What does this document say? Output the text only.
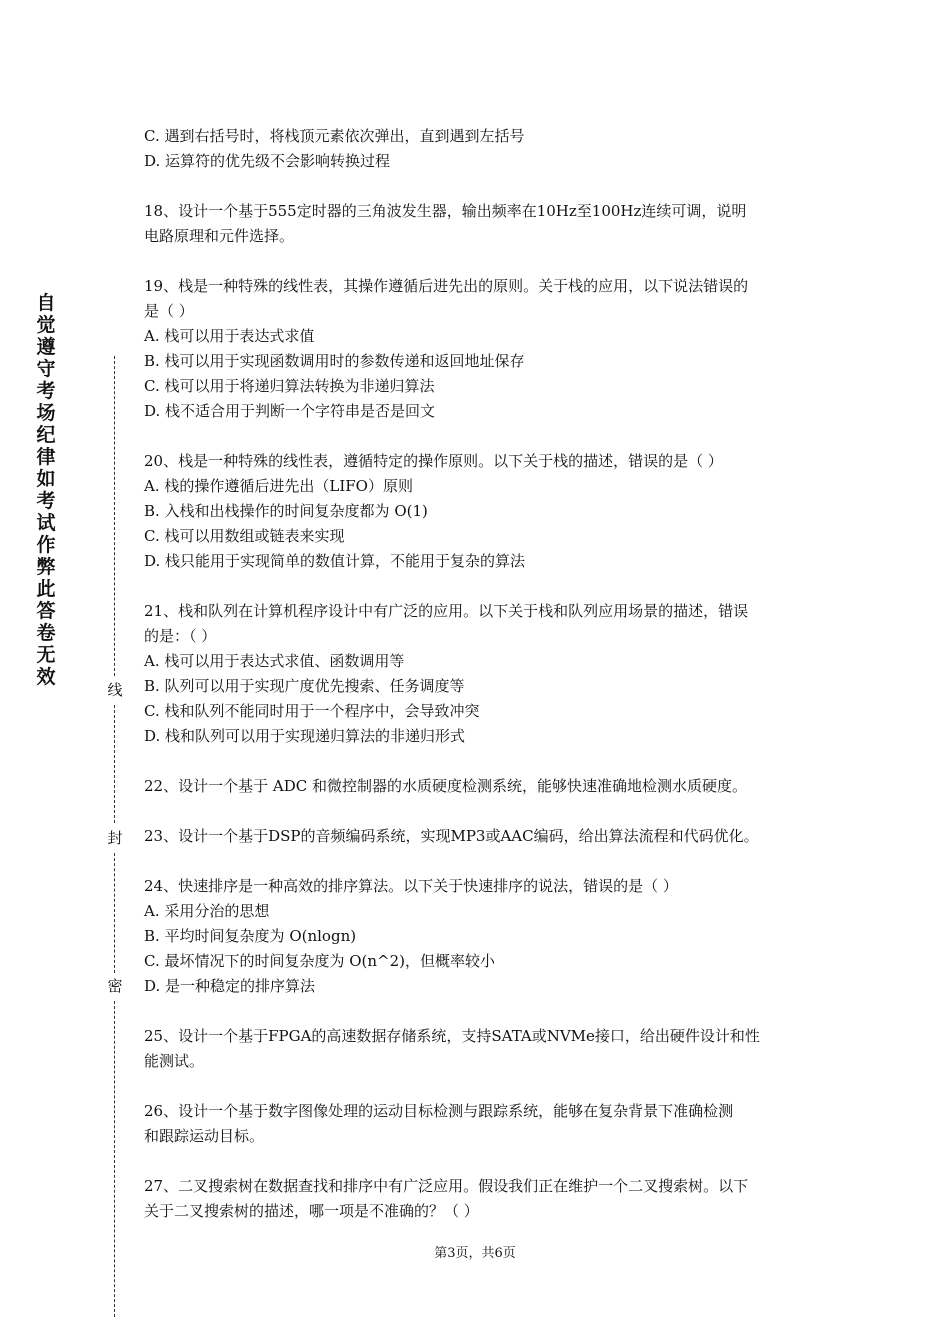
自觉遵守考场纪律如考试作弊此答卷无效
线
封
密

C. 遇到右括号时，将栈顶元素依次弹出，直到遇到左括号

D. 运算符的优先级不会影响转换过程

18、设计一个基于555定时器的三角波发生器，输出频率在10Hz至100Hz连续可调，说明

电路原理和元件选择。

19、栈是一种特殊的线性表，其操作遵循后进先出的原则。关于栈的应用，以下说法错误的

是（ ）

A. 栈可以用于表达式求值

B. 栈可以用于实现函数调用时的参数传递和返回地址保存

C. 栈可以用于将递归算法转换为非递归算法

D. 栈不适合用于判断一个字符串是否是回文

20、栈是一种特殊的线性表，遵循特定的操作原则。以下关于栈的描述，错误的是（ ）

A. 栈的操作遵循后进先出（LIFO）原则

B. 入栈和出栈操作的时间复杂度都为 O(1)

C. 栈可以用数组或链表来实现

D. 栈只能用于实现简单的数值计算，不能用于复杂的算法

21、栈和队列在计算机程序设计中有广泛的应用。以下关于栈和队列应用场景的描述，错误

的是：（ ）

A. 栈可以用于表达式求值、函数调用等

B. 队列可以用于实现广度优先搜索、任务调度等

C. 栈和队列不能同时用于一个程序中，会导致冲突

D. 栈和队列可以用于实现递归算法的非递归形式

22、设计一个基于 ADC 和微控制器的水质硬度检测系统，能够快速准确地检测水质硬度。

23、设计一个基于DSP的音频编码系统，实现MP3或AAC编码，给出算法流程和代码优化。

24、快速排序是一种高效的排序算法。以下关于快速排序的说法，错误的是（ ）

A. 采用分治的思想

B. 平均时间复杂度为 O(nlogn)

C. 最坏情况下的时间复杂度为 O(n^2)，但概率较小

D. 是一种稳定的排序算法

25、设计一个基于FPGA的高速数据存储系统，支持SATA或NVMe接口，给出硬件设计和性

能测试。

26、设计一个基于数字图像处理的运动目标检测与跟踪系统，能够在复杂背景下准确检测

和跟踪运动目标。

27、二叉搜索树在数据查找和排序中有广泛应用。假设我们正在维护一个二叉搜索树。以下

关于二叉搜索树的描述，哪一项是不准确的？（ ）

第3页，共6页
